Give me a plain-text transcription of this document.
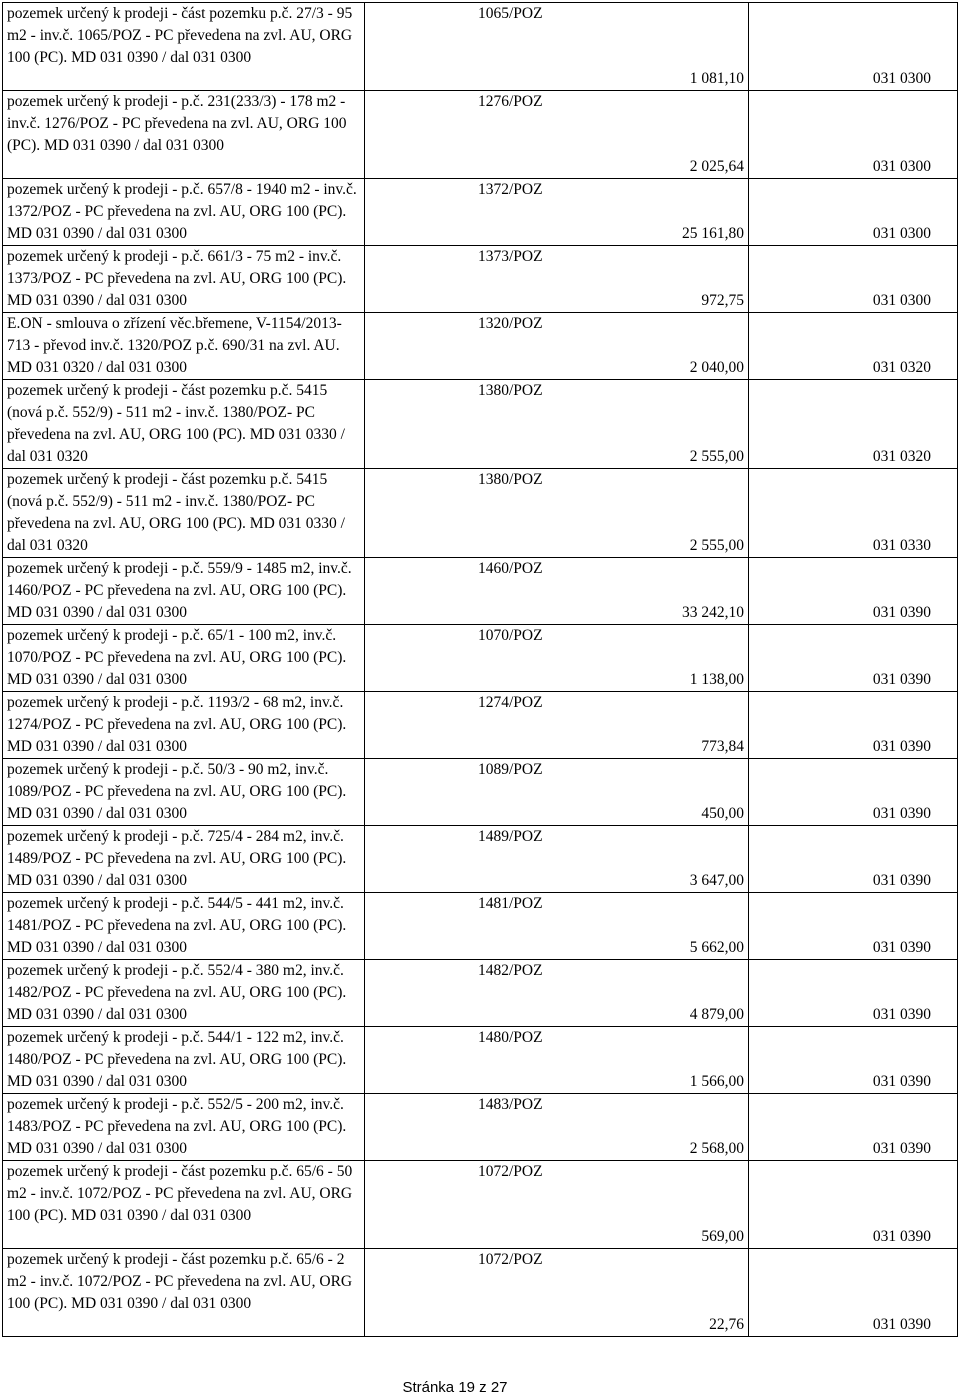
pozemek určený k prodeji - část pozemku p.č. 27/3 - 95 m2 - inv.č. 1065/POZ - PC převedena na zvl. AU, ORG 100 (PC). MD 031 0390 / dal 031 0300	1065/POZ	1 081,10	031 0300

pozemek určený k prodeji - p.č. 231(233/3) - 178 m2 - inv.č. 1276/POZ - PC převedena na zvl. AU, ORG 100 (PC). MD 031 0390 / dal 031 0300	1276/POZ	2 025,64	031 0300

pozemek určený k prodeji - p.č. 657/8 - 1940 m2 - inv.č. 1372/POZ - PC převedena na zvl. AU, ORG 100 (PC). MD 031 0390 / dal 031 0300	1372/POZ	25 161,80	031 0300

pozemek určený k prodeji - p.č. 661/3 - 75 m2 - inv.č. 1373/POZ - PC převedena na zvl. AU, ORG 100 (PC). MD 031 0390 / dal 031 0300	1373/POZ	972,75	031 0300

E.ON - smlouva o zřízení věc.břemene, V-1154/2013-713 - převod inv.č. 1320/POZ p.č. 690/31 na zvl. AU. MD 031 0320 / dal 031 0300	1320/POZ	2 040,00	031 0320

pozemek určený k prodeji - část pozemku p.č. 5415 (nová p.č. 552/9) - 511 m2 - inv.č. 1380/POZ- PC převedena na zvl. AU, ORG 100 (PC). MD 031 0330 / dal 031 0320	1380/POZ	2 555,00	031 0320

pozemek určený k prodeji - část pozemku p.č. 5415 (nová p.č. 552/9) - 511 m2 - inv.č. 1380/POZ- PC převedena na zvl. AU, ORG 100 (PC). MD 031 0330 / dal 031 0320	1380/POZ	2 555,00	031 0330

pozemek určený k prodeji - p.č. 559/9 - 1485 m2, inv.č. 1460/POZ - PC převedena na zvl. AU, ORG 100 (PC). MD 031 0390 / dal 031 0300	1460/POZ	33 242,10	031 0390

pozemek určený k prodeji - p.č. 65/1 - 100 m2, inv.č. 1070/POZ - PC převedena na zvl. AU, ORG 100 (PC). MD 031 0390 / dal 031 0300	1070/POZ	1 138,00	031 0390

pozemek určený k prodeji - p.č. 1193/2 - 68 m2, inv.č. 1274/POZ - PC převedena na zvl. AU, ORG 100 (PC). MD 031 0390 / dal 031 0300	1274/POZ	773,84	031 0390

pozemek určený k prodeji - p.č. 50/3 - 90 m2, inv.č. 1089/POZ - PC převedena na zvl. AU, ORG 100 (PC). MD 031 0390 / dal 031 0300	1089/POZ	450,00	031 0390

pozemek určený k prodeji - p.č. 725/4 - 284 m2, inv.č. 1489/POZ - PC převedena na zvl. AU, ORG 100 (PC). MD 031 0390 / dal 031 0300	1489/POZ	3 647,00	031 0390

pozemek určený k prodeji - p.č. 544/5 - 441 m2, inv.č. 1481/POZ - PC převedena na zvl. AU, ORG 100 (PC). MD 031 0390 / dal 031 0300	1481/POZ	5 662,00	031 0390

pozemek určený k prodeji - p.č. 552/4 - 380 m2, inv.č. 1482/POZ - PC převedena na zvl. AU, ORG 100 (PC). MD 031 0390 / dal 031 0300	1482/POZ	4 879,00	031 0390

pozemek určený k prodeji - p.č. 544/1 - 122 m2, inv.č. 1480/POZ - PC převedena na zvl. AU, ORG 100 (PC). MD 031 0390 / dal 031 0300	1480/POZ	1 566,00	031 0390

pozemek určený k prodeji - p.č. 552/5 - 200 m2, inv.č. 1483/POZ - PC převedena na zvl. AU, ORG 100 (PC). MD 031 0390 / dal 031 0300	1483/POZ	2 568,00	031 0390

pozemek určený k prodeji - část pozemku p.č. 65/6 - 50 m2 - inv.č. 1072/POZ - PC převedena na zvl. AU, ORG 100 (PC). MD 031 0390 / dal 031 0300	1072/POZ	569,00	031 0390

pozemek určený k prodeji - část pozemku p.č. 65/6 - 2 m2 - inv.č. 1072/POZ - PC převedena na zvl. AU, ORG 100 (PC). MD 031 0390 / dal 031 0300	1072/POZ	22,76	031 0390
Stránka 19 z 27
